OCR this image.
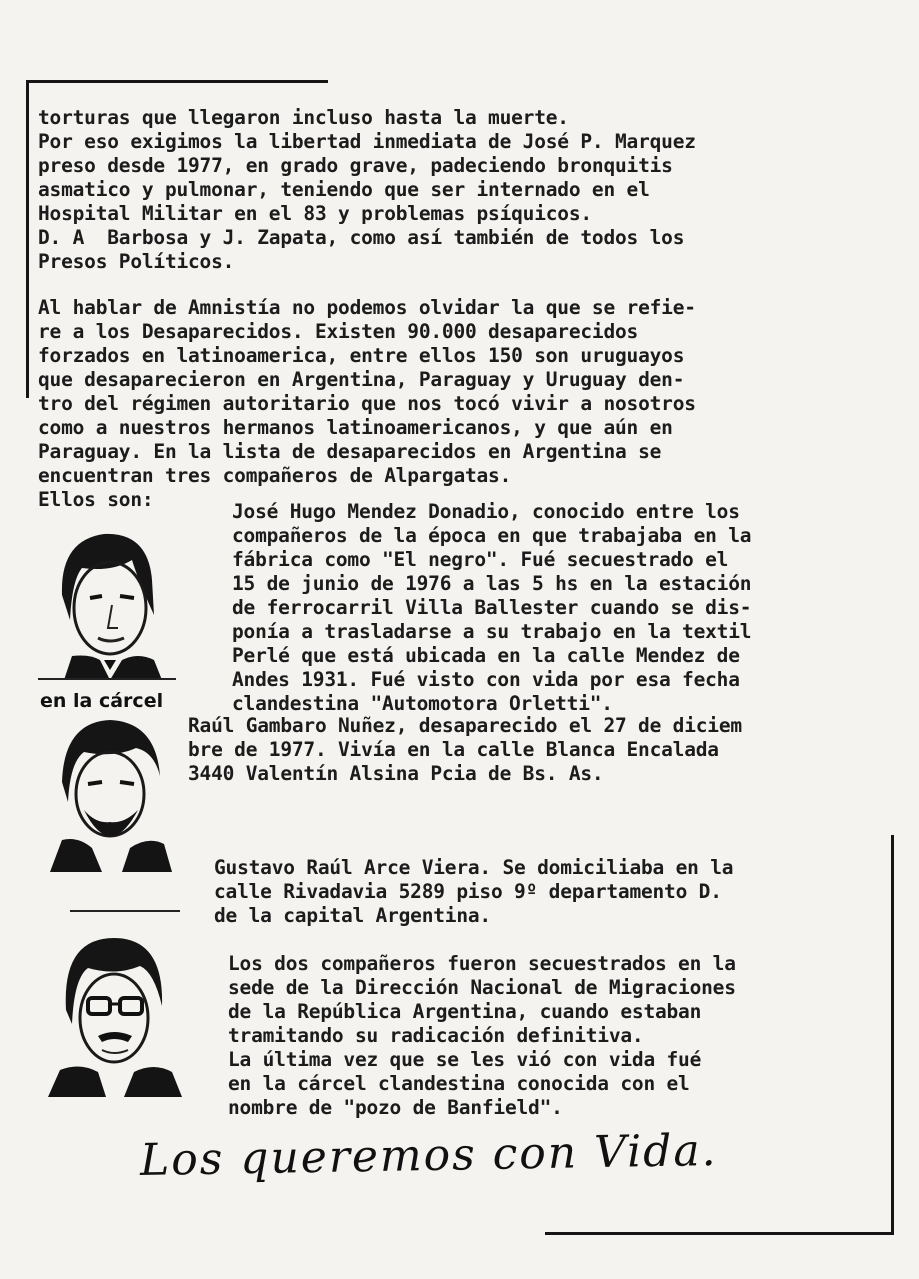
torturas que llegaron incluso hasta la muerte.

Por eso exigimos la libertad inmediata de José P. Marquez

preso desde 1977, en grado grave, padeciendo bronquitis

asmatico y pulmonar, teniendo que ser internado en el

Hospital Militar en el 83 y problemas psíquicos.

D. A  Barbosa y J. Zapata, como así también de todos los

Presos Políticos.

Al hablar de Amnistía no podemos olvidar la que se refie-

re a los Desaparecidos. Existen 90.000 desaparecidos

forzados en latinoamerica, entre ellos 150 son uruguayos

que desaparecieron en Argentina, Paraguay y Uruguay den-

tro del régimen autoritario que nos tocó vivir a nosotros

como a nuestros hermanos latinoamericanos, y que aún en

Paraguay. En la lista de desaparecidos en Argentina se

encuentran tres compañeros de Alpargatas.

Ellos son:

José Hugo Mendez Donadio, conocido entre los

compañeros de la época en que trabajaba en la

fábrica como "El negro". Fué secuestrado el

15 de junio de 1976 a las 5 hs en la estación

de ferrocarril Villa Ballester cuando se dis-

ponía a trasladarse a su trabajo en la textil

Perlé que está ubicada en la calle Mendez de

Andes 1931. Fué visto con vida por esa fecha

clandestina "Automotora Orletti".

en la cárcel

Raúl Gambaro Nuñez, desaparecido el 27 de diciem

bre de 1977. Vivía en la calle Blanca Encalada

3440 Valentín Alsina Pcia de Bs. As.

Gustavo Raúl Arce Viera. Se domiciliaba en la

calle Rivadavia 5289 piso 9º departamento D.

de la capital Argentina.

Los dos compañeros fueron secuestrados en la

sede de la Dirección Nacional de Migraciones

de la República Argentina, cuando estaban

tramitando su radicación definitiva.

La última vez que se les vió con vida fué

en la cárcel clandestina conocida con el

nombre de "pozo de Banfield".

Los queremos con Vida.
